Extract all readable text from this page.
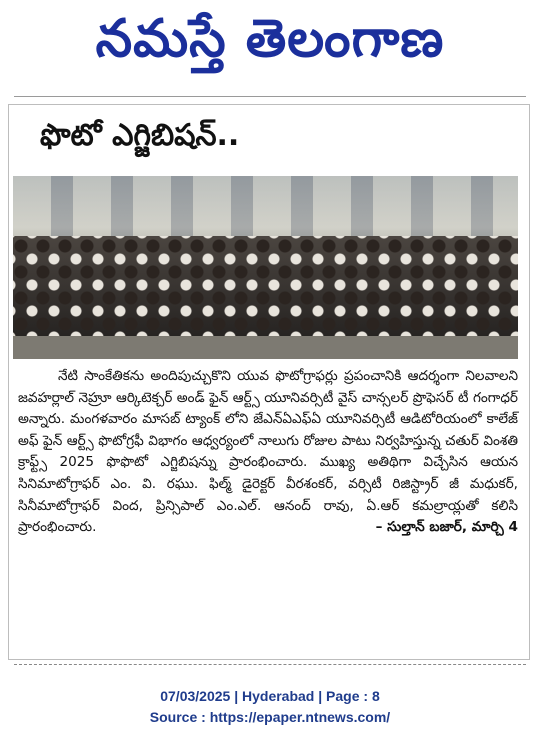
నమస్తే తెలంగాణ
ఫొటో ఎగ్జిబిషన్..

నేటి సాంకేతికను అందిపుచ్చుకొని యువ ఫొటోగ్రాఫర్లు ప్రపంచానికి ఆదర్శంగా నిలవాలని జవహర్లాల్ నెహ్రూ ఆర్కిటెక్చర్ అండ్ ఫైన్ ఆర్ట్స్ యూనివర్సిటీ వైస్ చాన్సలర్ ప్రొఫెసర్ టీ గంగాధర్ అన్నారు. మంగళవారం మాసబ్ ట్యాంక్ లోని జేఎన్ఏఎఫ్ఏ యూనివర్సిటీ ఆడిటోరియంలో కాలేజ్ అఫ్ ఫైన్ ఆర్ట్స్ ఫొటోగ్రఫీ విభాగం ఆధ్వర్యంలో నాలుగు రోజుల పాటు నిర్వహిస్తున్న చతుర్ వింశతి క్రాఫ్ట్స్ 2025 ఫొఫొటో ఎగ్జిబిషన్ను ప్రారంభించారు. ముఖ్య అతిథిగా విచ్చేసిన ఆయన సినిమాటోగ్రాఫర్ ఎం. వి. రఘు. ఫిల్మ్ డైరెక్టర్ వీరశంకర్, వర్సిటీ రిజిస్ట్రార్ జీ మధుకర్, సినీమాటోగ్రాఫర్ వింద, ప్రిన్సిపాల్ ఎం.ఎల్. ఆనంద్ రావు, ఏ.ఆర్ కమల్రాయ్లతో కలిసి ప్రారంభించారు.	– సుల్తాన్ బజార్, మార్చి 4

07/03/2025 | Hyderabad | Page : 8
Source : https://epaper.ntnews.com/
